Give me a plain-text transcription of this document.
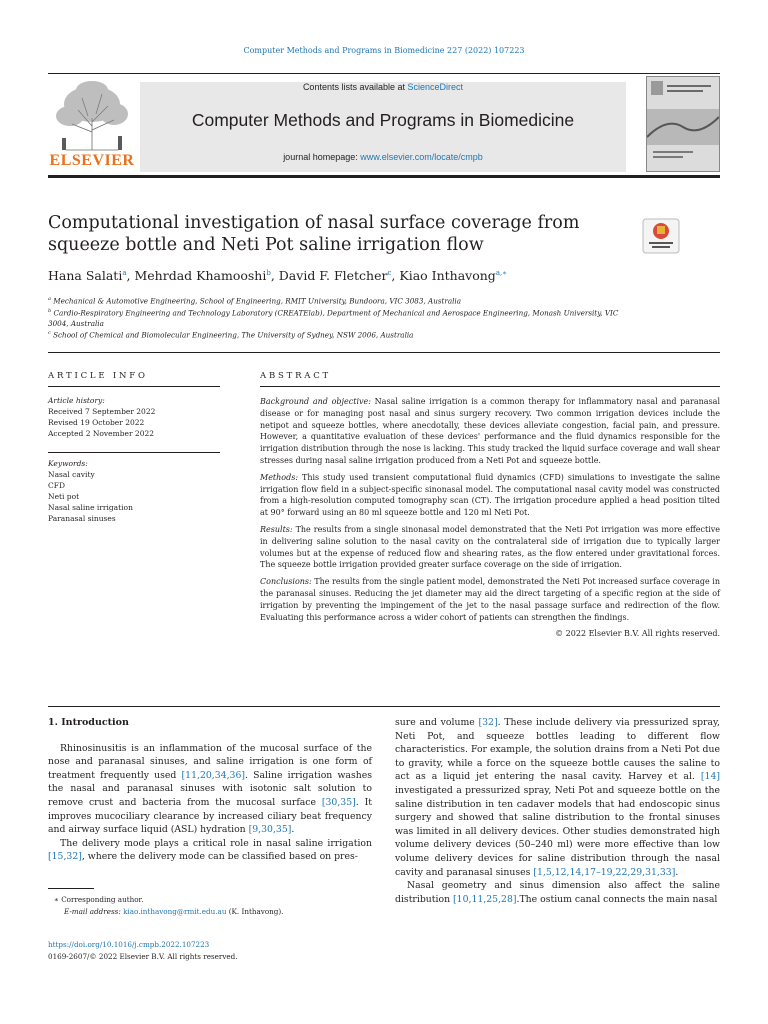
Computer Methods and Programs in Biomedicine 227 (2022) 107223
ELSEVIER
Contents lists available at ScienceDirect
Computer Methods and Programs in Biomedicine
journal homepage: www.elsevier.com/locate/cmpb
Computational investigation of nasal surface coverage from squeeze bottle and Neti Pot saline irrigation flow
Hana Salati$^a$, Mehrdad Khamooshi$^b$, David F. Fletcher$^c$, Kiao Inthavong$^{a,∗}$
$^a$ Mechanical & Automotive Engineering, School of Engineering, RMIT University, Bundoora, VIC 3083, Australia
$^b$ Cardio-Respiratory Engineering and Technology Laboratory (CREATElab), Department of Mechanical and Aerospace Engineering, Monash University, VIC 3004, Australia
$^c$ School of Chemical and Biomolecular Engineering, The University of Sydney, NSW 2006, Australia
ARTICLE INFO
Article history:
Received 7 September 2022
Revised 19 October 2022
Accepted 2 November 2022
Keywords:
Nasal cavity
CFD
Neti pot
Nasal saline irrigation
Paranasal sinuses
ABSTRACT

Background and objective: Nasal saline irrigation is a common therapy for inflammatory nasal and paranasal disease or for managing post nasal and sinus surgery recovery. Two common irrigation devices include the netipot and squeeze bottles, where anecdotally, these devices alleviate congestion, facial pain, and pressure. However, a quantitative evaluation of these devices' performance and the fluid dynamics responsible for the irrigation distribution through the nose is lacking. This study tracked the liquid surface coverage and wall shear stresses during nasal saline irrigation produced from a Neti Pot and squeeze bottle.

Methods: This study used transient computational fluid dynamics (CFD) simulations to investigate the saline irrigation flow field in a subject-specific sinonasal model. The computational nasal cavity model was constructed from a high-resolution computed tomography scan (CT). The irrigation procedure applied a head position tilted at 90° forward using an 80 ml squeeze bottle and 120 ml Neti Pot.

Results: The results from a single sinonasal model demonstrated that the Neti Pot irrigation was more effective in delivering saline solution to the nasal cavity on the contralateral side of irrigation due to typically larger volumes but at the expense of reduced flow and shearing rates, as the flow entered under gravitational forces. The squeeze bottle irrigation provided greater surface coverage on the side of irrigation.

Conclusions: The results from the single patient model, demonstrated the Neti Pot increased surface coverage in the paranasal sinuses. Reducing the jet diameter may aid the direct targeting of a specific region at the side of irrigation by preventing the impingement of the jet to the nasal passage surface and redirection of the flow. Evaluating this performance across a wider cohort of patients can strengthen the findings.

© 2022 Elsevier B.V. All rights reserved.
1. Introduction

Rhinosinusitis is an inflammation of the mucosal surface of the nose and paranasal sinuses, and saline irrigation is one form of treatment frequently used [11,20,34,36]. Saline irrigation washes the nasal and paranasal sinuses with isotonic salt solution to remove crust and bacteria from the mucosal surface [30,35]. It improves mucociliary clearance by increased ciliary beat frequency and airway surface liquid (ASL) hydration [9,30,35].

The delivery mode plays a critical role in nasal saline irrigation [15,32], where the delivery mode can be classified based on pres-

sure and volume [32]. These include delivery via pressurized spray, Neti Pot, and squeeze bottles leading to different flow characteristics. For example, the solution drains from a Neti Pot due to gravity, while a force on the squeeze bottle causes the saline to act as a liquid jet entering the nasal cavity. Harvey et al. [14] investigated a pressurized spray, Neti Pot and squeeze bottle on the saline distribution in ten cadaver models that had endoscopic sinus surgery and showed that saline distribution to the frontal sinuses was limited in all delivery devices. Other studies demonstrated high volume delivery devices (50–240 ml) were more effective than low volume delivery devices for saline distribution through the nasal cavity and paranasal sinuses [1,5,12,14,17–19,22,29,31,33].

Nasal geometry and sinus dimension also affect the saline distribution [10,11,25,28].The ostium canal connects the main nasal

∗ Corresponding author.
E-mail address: kiao.inthavong@rmit.edu.au (K. Inthavong).
https://doi.org/10.1016/j.cmpb.2022.107223
0169-2607/© 2022 Elsevier B.V. All rights reserved.
